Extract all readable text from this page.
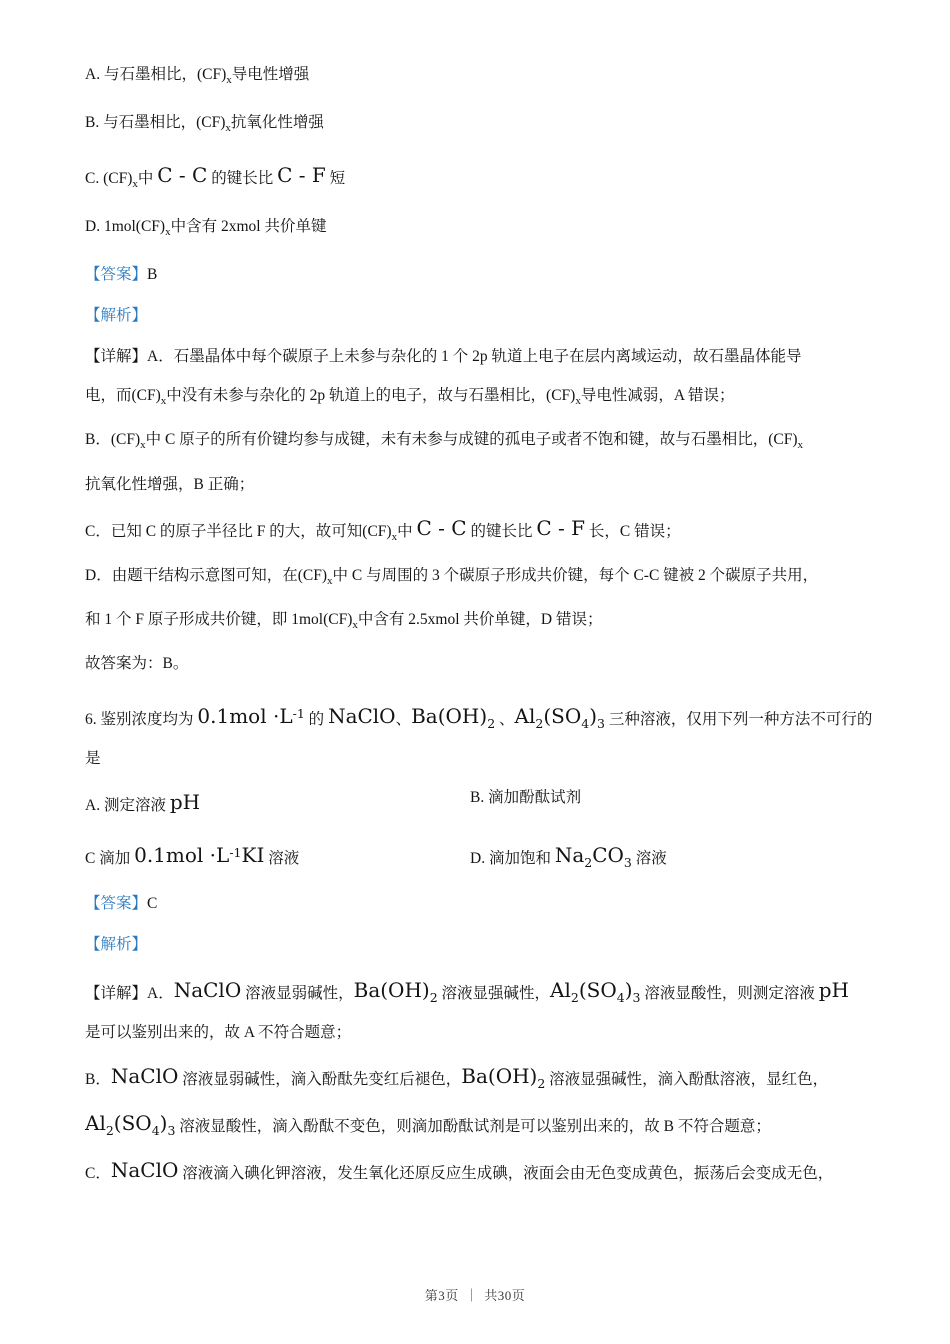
A. 与石墨相比，$(CF)_x$导电性增强
B. 与石墨相比，$(CF)_x$抗氧化性增强
C. $(CF)_x$中 C - C 的键长比 C - F 短
D. $1mol(CF)_x$中含有 2xmol 共价单键
【答案】B
【解析】
【详解】A．石墨晶体中每个碳原子上未参与杂化的 1 个 2p 轨道上电子在层内离域运动，故石墨晶体能导
电，而$(CF)_x$中没有未参与杂化的 2p 轨道上的电子，故与石墨相比，$(CF)_x$导电性减弱，A 错误；
B．$(CF)_x$中 C 原子的所有价键均参与成键，未有未参与成键的孤电子或者不饱和键，故与石墨相比，$(CF)_x$
抗氧化性增强，B 正确；
C．已知 C 的原子半径比 F 的大，故可知$(CF)_x$中 C - C 的键长比 C - F 长，C 错误；
D．由题干结构示意图可知，在$(CF)_x$中 C 与周围的 3 个碳原子形成共价键，每个 C-C 键被 2 个碳原子共用，
和 1 个 F 原子形成共价键，即 $1mol(CF)_x$中含有 2.5xmol 共价单键，D 错误；
故答案为：B。
6. 鉴别浓度均为 $0.1mol \cdot L^{-1}$ 的 NaClO、$Ba(OH)_2$ 、$Al_2(SO_4)_3$ 三种溶液，仅用下列一种方法不可行的
是
A. 测定溶液 pH	B. 滴加酚酞试剂
C 滴加 $0.1mol \cdot L^{-1}KI$ 溶液	D. 滴加饱和 $Na_2CO_3$ 溶液
【答案】C
【解析】
【详解】A．NaClO 溶液显弱碱性，$Ba(OH)_2$ 溶液显强碱性，$Al_2(SO_4)_3$ 溶液显酸性，则测定溶液 pH
是可以鉴别出来的，故 A 不符合题意；
B．NaClO 溶液显弱碱性，滴入酚酞先变红后褪色，$Ba(OH)_2$ 溶液显强碱性，滴入酚酞溶液，显红色，
$Al_2(SO_4)_3$ 溶液显酸性，滴入酚酞不变色，则滴加酚酞试剂是可以鉴别出来的，故 B 不符合题意；
C．NaClO 溶液滴入碘化钾溶液，发生氧化还原反应生成碘，液面会由无色变成黄色，振荡后会变成无色，
第3页 ｜ 共30页
